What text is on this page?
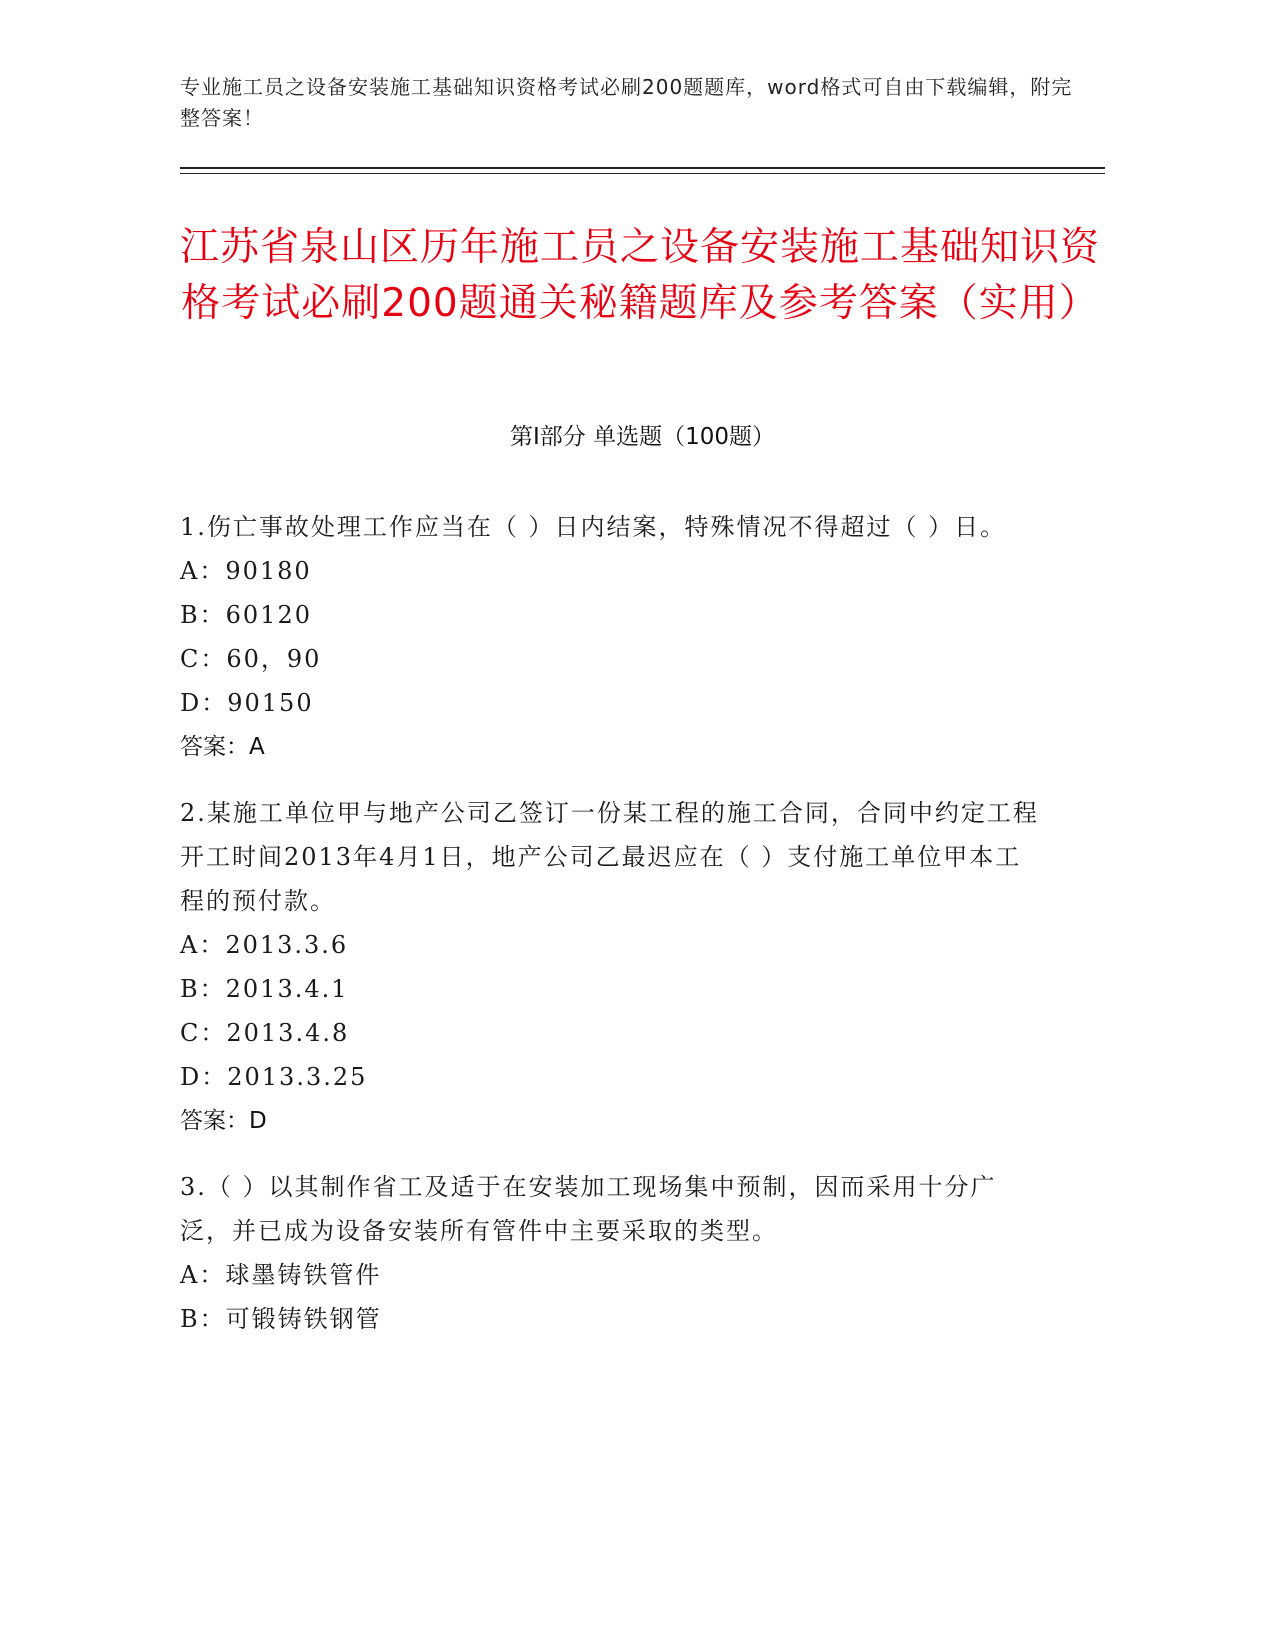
专业施工员之设备安装施工基础知识资格考试必刷200题题库，word格式可自由下载编辑，附完整答案！
江苏省泉山区历年施工员之设备安装施工基础知识资格考试必刷200题通关秘籍题库及参考答案（实用）
第Ⅰ部分 单选题（100题）
1.伤亡事故处理工作应当在（ ）日内结案，特殊情况不得超过（ ）日。
A：90180
B：60120
C：60，90
D：90150
答案：A
2.某施工单位甲与地产公司乙签订一份某工程的施工合同，合同中约定工程开工时间2013年4月1日，地产公司乙最迟应在（ ）支付施工单位甲本工程的预付款。
A：2013.3.6
B：2013.4.1
C：2013.4.8
D：2013.3.25
答案：D
3.（ ）以其制作省工及适于在安装加工现场集中预制，因而采用十分广泛，并已成为设备安装所有管件中主要采取的类型。
A：球墨铸铁管件
B：可锻铸铁钢管
